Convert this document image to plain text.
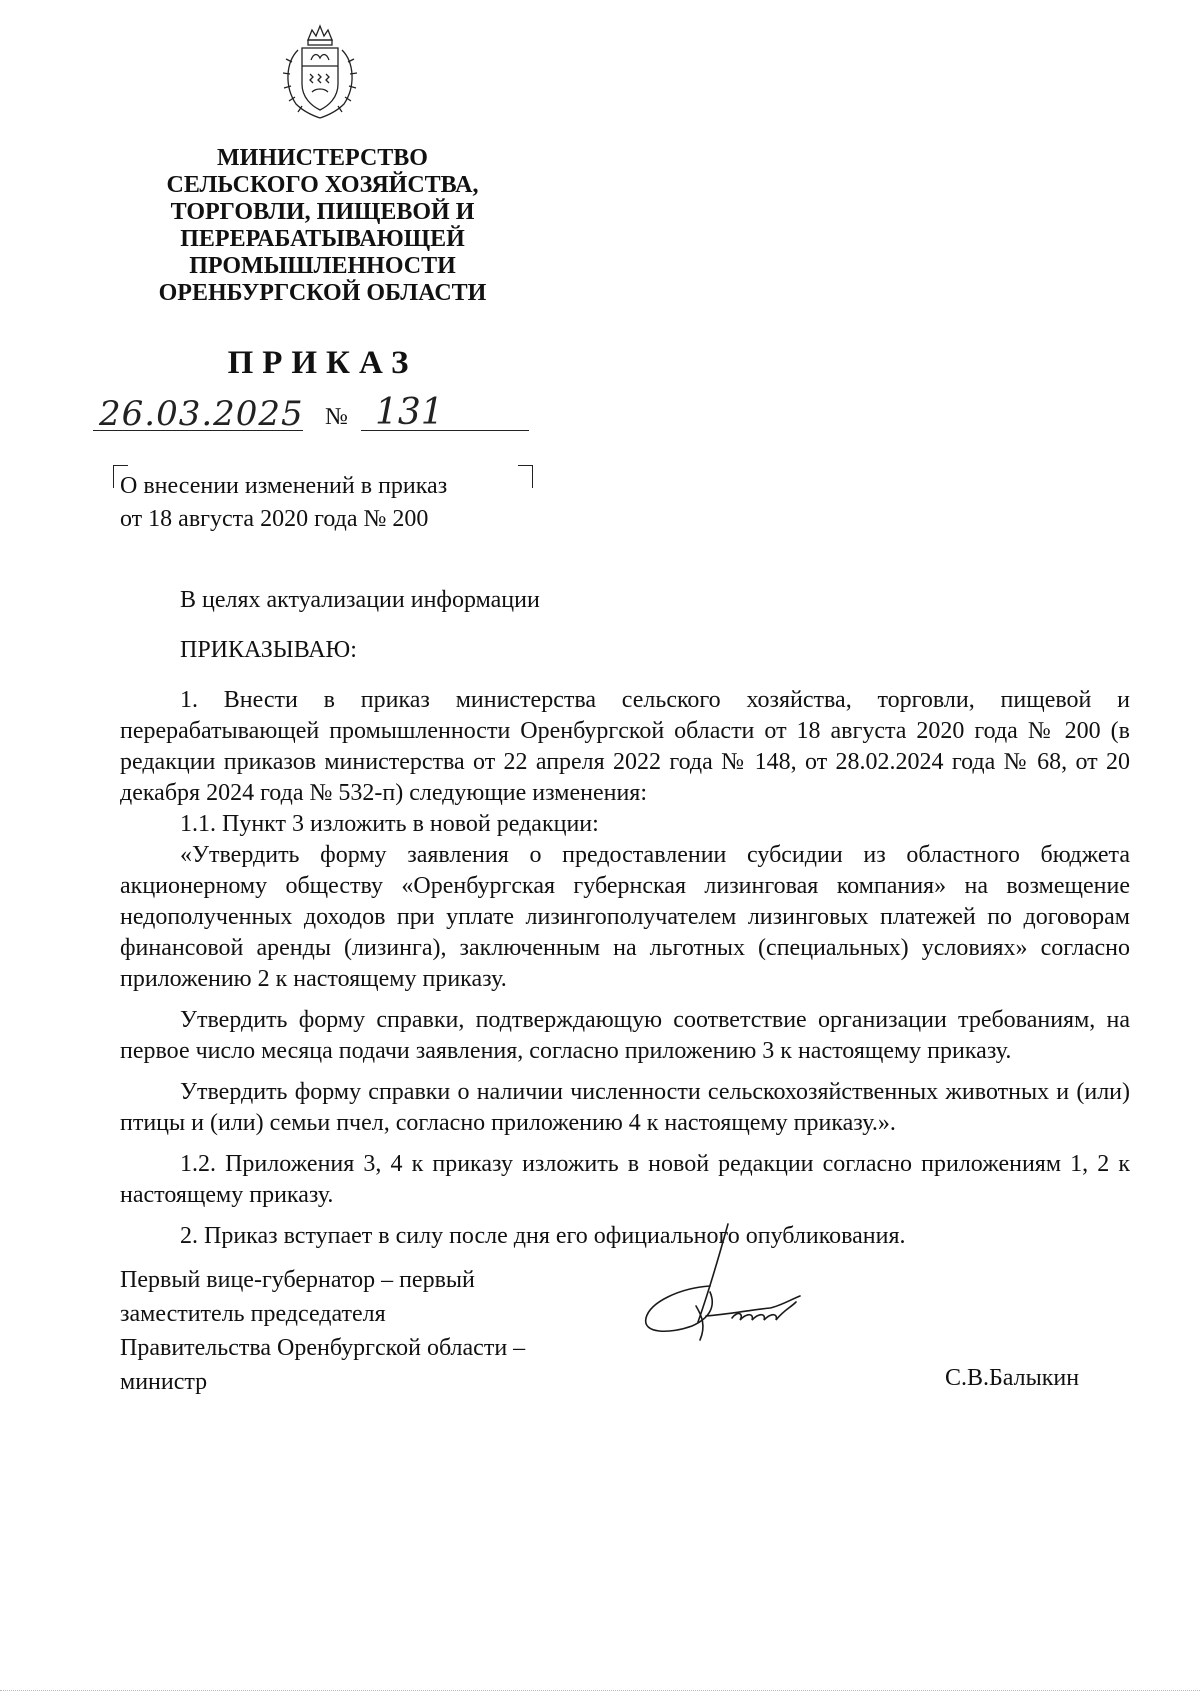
МИНИСТЕРСТВО
СЕЛЬСКОГО ХОЗЯЙСТВА,
ТОРГОВЛИ, ПИЩЕВОЙ И
ПЕРЕРАБАТЫВАЮЩЕЙ
ПРОМЫШЛЕННОСТИ
ОРЕНБУРГСКОЙ ОБЛАСТИ
ПРИКАЗ
26.03.2025 № 131
О внесении изменений в приказ
от 18 августа 2020 года № 200

В целях актуализации информации

ПРИКАЗЫВАЮ:

1. Внести в приказ министерства сельского хозяйства, торговли, пищевой и перерабатывающей промышленности Оренбургской области от 18 августа 2020 года № 200 (в редакции приказов министерства от 22 апреля 2022 года № 148, от 28.02.2024 года № 68, от 20 декабря 2024 года № 532-п) следующие изменения:

1.1. Пункт 3 изложить в новой редакции:

«Утвердить форму заявления о предоставлении субсидии из областного бюджета акционерному обществу «Оренбургская губернская лизинговая компания» на возмещение недополученных доходов при уплате лизингополучателем лизинговых платежей по договорам финансовой аренды (лизинга), заключенным на льготных (специальных) условиях» согласно приложению 2 к настоящему приказу.

Утвердить форму справки, подтверждающую соответствие организации требованиям, на первое число месяца подачи заявления, согласно приложению 3 к настоящему приказу.

Утвердить форму справки о наличии численности сельскохозяйственных животных и (или) птицы и (или) семьи пчел, согласно приложению 4 к настоящему приказу.».

1.2. Приложения 3, 4 к приказу изложить в новой редакции согласно приложениям 1, 2 к настоящему приказу.

2. Приказ вступает в силу после дня его официального опубликования.

Первый вице-губернатор – первый
заместитель председателя
Правительства Оренбургской области –
министр	С.В.Балыкин
